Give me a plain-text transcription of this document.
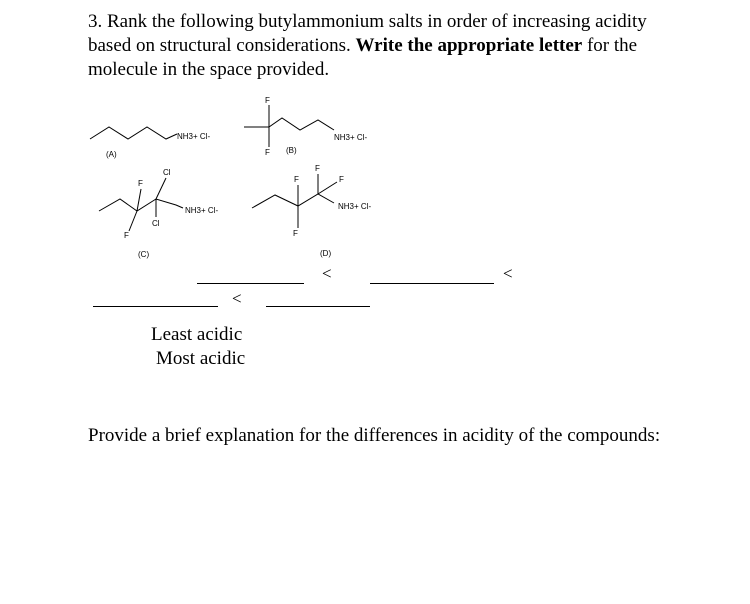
3. Rank the following butylammonium salts in order of increasing acidity based on structural considerations. Write the appropriate letter for the molecule in the space provided.
NH3+ Cl-
(A)
F
F (B)
NH3+ Cl-
Cl
F
NH3+ Cl-
Cl
F
(C)
F
F	F
NH3+ Cl-
F
(D)
<	<
<
Least acidic
Most acidic
Provide a brief explanation for the differences in acidity of the compounds:
